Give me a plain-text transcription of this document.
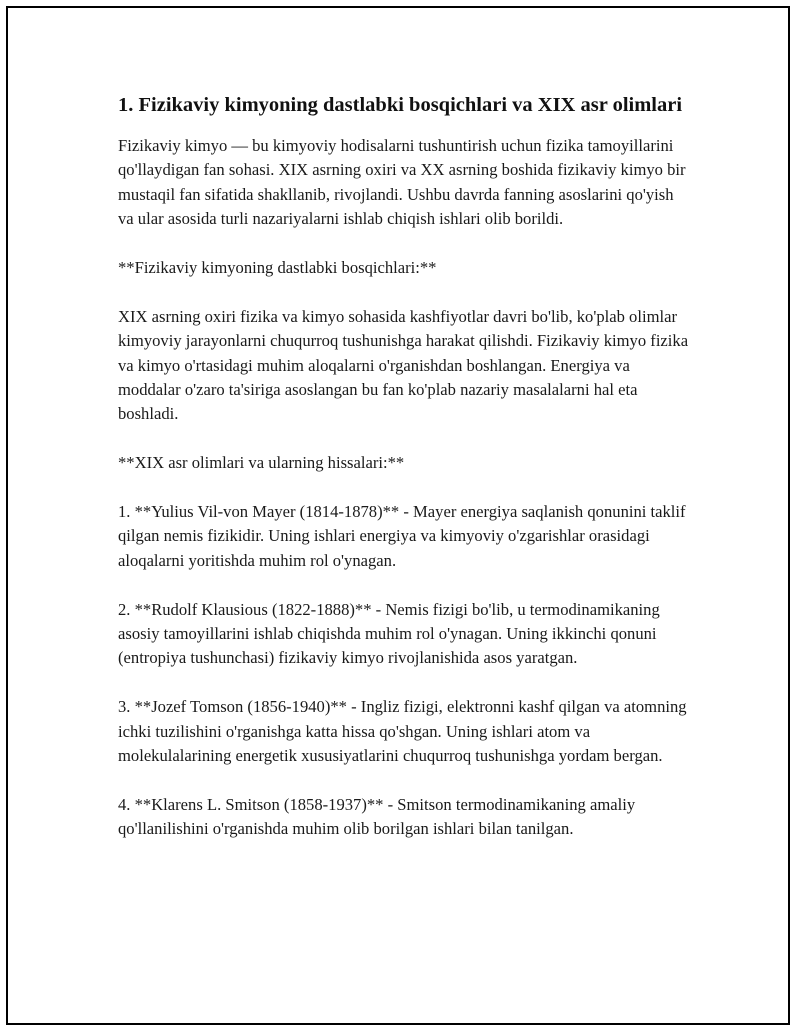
1. Fizikaviy kimyoning dastlabki bosqichlari va XIX asr olimlari

Fizikaviy kimyo — bu kimyoviy hodisalarni tushuntirish uchun fizika tamoyillarini qo'llaydigan fan sohasi. XIX asrning oxiri va XX asrning boshida fizikaviy kimyo bir mustaqil fan sifatida shakllanib, rivojlandi. Ushbu davrda fanning asoslarini qo'yish va ular asosida turli nazariyalarni ishlab chiqish ishlari olib borildi.

**Fizikaviy kimyoning dastlabki bosqichlari:**

XIX asrning oxiri fizika va kimyo sohasida kashfiyotlar davri bo'lib, ko'plab olimlar kimyoviy jarayonlarni chuqurroq tushunishga harakat qilishdi. Fizikaviy kimyo fizika va kimyo o'rtasidagi muhim aloqalarni o'rganishdan boshlangan. Energiya va moddalar o'zaro ta'siriga asoslangan bu fan ko'plab nazariy masalalarni hal eta boshladi.

**XIX asr olimlari va ularning hissalari:**

1. **Yulius Vil-von Mayer (1814-1878)** - Mayer energiya saqlanish qonunini taklif qilgan nemis fizikidir. Uning ishlari energiya va kimyoviy o'zgarishlar orasidagi aloqalarni yoritishda muhim rol o'ynagan.

2. **Rudolf Klausious (1822-1888)** - Nemis fizigi bo'lib, u termodinamikaning asosiy tamoyillarini ishlab chiqishda muhim rol o'ynagan. Uning ikkinchi qonuni (entropiya tushunchasi) fizikaviy kimyo rivojlanishida asos yaratgan.

3. **Jozef Tomson (1856-1940)** - Ingliz fizigi, elektronni kashf qilgan va atomning ichki tuzilishini o'rganishga katta hissa qo'shgan. Uning ishlari atom va molekulalarining energetik xususiyatlarini chuqurroq tushunishga yordam bergan.

4. **Klarens L. Smitson (1858-1937)** - Smitson termodinamikaning amaliy qo'llanilishini o'rganishda muhim olib borilgan ishlari bilan tanilgan.
